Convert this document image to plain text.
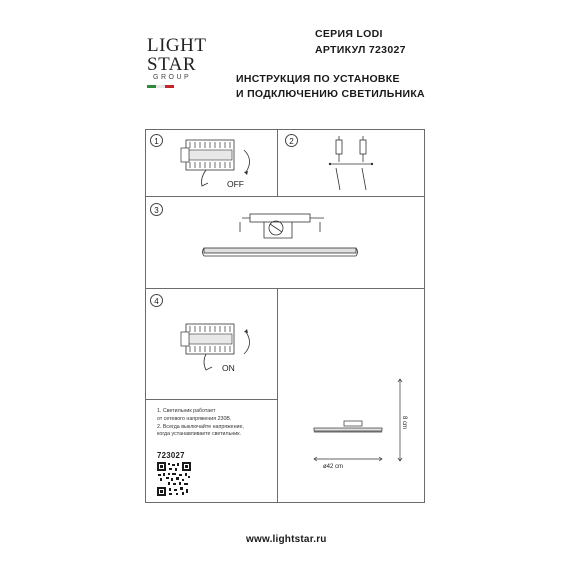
LIGHT
STAR
GROUP
СЕРИЯ LODI
АРТИКУЛ 723027
ИНСТРУКЦИЯ ПО УСТАНОВКЕ
И ПОДКЛЮЧЕНИЮ СВЕТИЛЬНИКА
1	2
3
4
OFF
ON
1. Светильник работает
от сетевого напряжения 230В.
2. Всегда выключайте напряжение,
когда устанавливаете светильник.
723027
ø42 cm
8 cm
www.lightstar.ru
